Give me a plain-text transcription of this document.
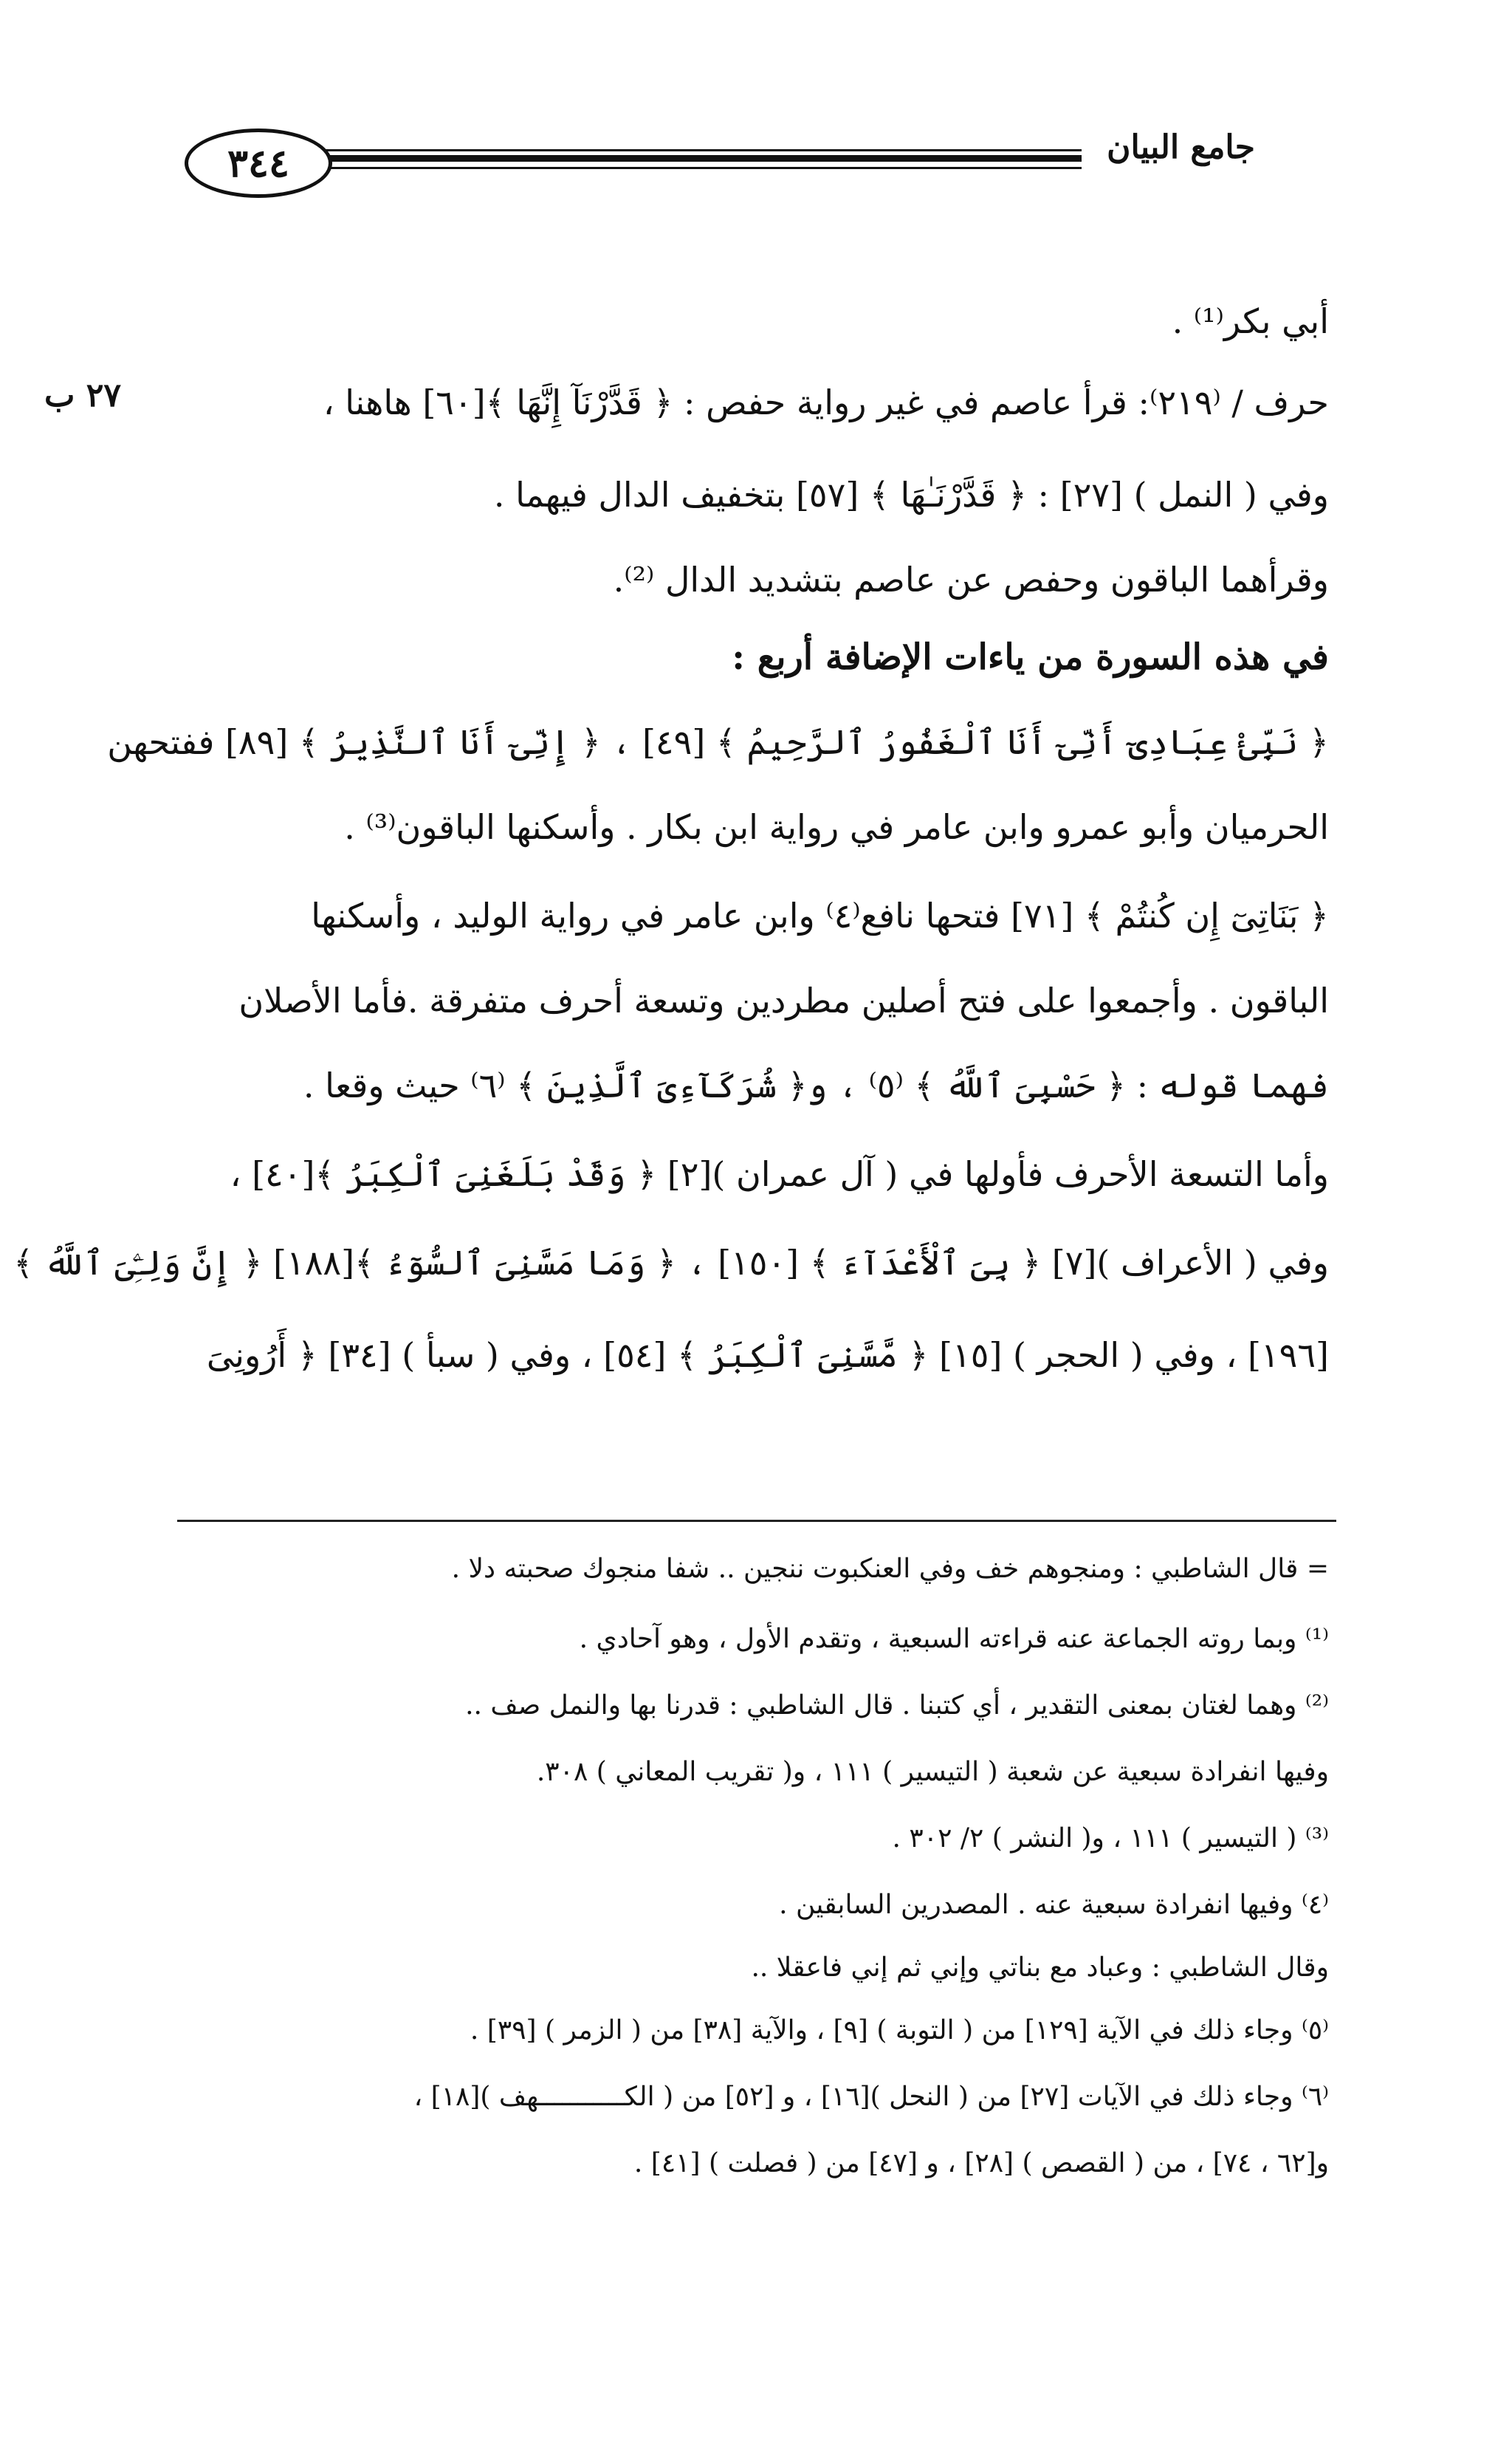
٣٤٤	جامع البيان
٢٧ ب
أبي بكر⁽¹⁾ .
حرف / ⁽٢١٩⁾: قرأ عاصم في غير رواية حفص : ﴿ قَدَّرْنَآ إِنَّهَا ﴾[٦٠] هاهنا ،
وفي ( النمل ) [٢٧] : ﴿ قَدَّرْنَـٰهَا ﴾ [٥٧] بتخفيف الدال فيهما .
وقرأهما الباقون وحفص عن عاصم بتشديد الدال ⁽²⁾.
في هذه السورة من ياءات الإضافة أربع :
﴿ نَبِّئْ عِبَادِىٓ أَنِّىٓ أَنَا ٱلْغَفُورُ ٱلرَّحِيمُ ﴾ [٤٩] ، ﴿ إِنِّىٓ أَنَا ٱلنَّذِيرُ ﴾ [٨٩] ففتحهن
الحرميان وأبو عمرو وابن عامر في رواية ابن بكار . وأسكنها الباقون⁽³⁾ .
﴿ بَنَاتِىٓ إِن كُنتُمْ ﴾ [٧١] فتحها نافع⁽٤⁾ وابن عامر في رواية الوليد ، وأسكنها
الباقون . وأجمعوا على فتح أصلين مطردين وتسعة أحرف متفرقة .فأما الأصلان
فهما قوله : ﴿ حَسْبِىَ ٱللَّهُ ﴾ ⁽٥⁾ ، و﴿ شُرَكَآءِىَ ٱلَّذِينَ ﴾ ⁽٦⁾ حيث وقعا .
وأما التسعة الأحرف فأولها في ( آل عمران )[٢] ﴿ وَقَدْ بَلَغَنِىَ ٱلْكِبَرُ ﴾[٤٠] ،
وفي ( الأعراف )[٧] ﴿ بِىَ ٱلْأَعْدَآءَ ﴾ [١٥٠] ، ﴿ وَمَا مَسَّنِىَ ٱلسُّوٓءُ ﴾[١٨٨] ﴿ إِنَّ وَلِـِّۧىَ ٱللَّهُ ﴾
[١٩٦] ، وفي ( الحجر ) [١٥] ﴿ مَّسَّنِىَ ٱلْكِبَرُ ﴾ [٥٤] ، وفي ( سبأ ) [٣٤] ﴿ أَرُونِىَ
= قال الشاطبي : ومنجوهم خف وفي العنكبوت ننجين .. شفا منجوك صحبته دلا .
⁽¹⁾ وبما روته الجماعة عنه قراءته السبعية ، وتقدم الأول ، وهو آحادي .
⁽²⁾ وهما لغتان بمعنى التقدير ، أي كتبنا . قال الشاطبي : قدرنا بها والنمل صف ..
وفيها انفرادة سبعية عن شعبة ( التيسير ) ١١١ ، و( تقريب المعاني ) ٣٠٨.
⁽³⁾ ( التيسير ) ١١١ ، و( النشر ) ٢/ ٣٠٢ .
⁽٤⁾ وفيها انفرادة سبعية عنه . المصدرين السابقين .
وقال الشاطبي : وعباد مع بناتي وإني ثم إني فاعقلا ..
⁽٥⁾ وجاء ذلك في الآية [١٢٩] من ( التوبة ) [٩] ، والآية [٣٨] من ( الزمر ) [٣٩] .
⁽٦⁾ وجاء ذلك في الآيات [٢٧] من ( النحل )[١٦] ، و [٥٢] من ( الكـــــــــــهف )[١٨] ،
و[٦٢ ، ٧٤] ، من ( القصص ) [٢٨] ، و [٤٧] من ( فصلت ) [٤١] .
